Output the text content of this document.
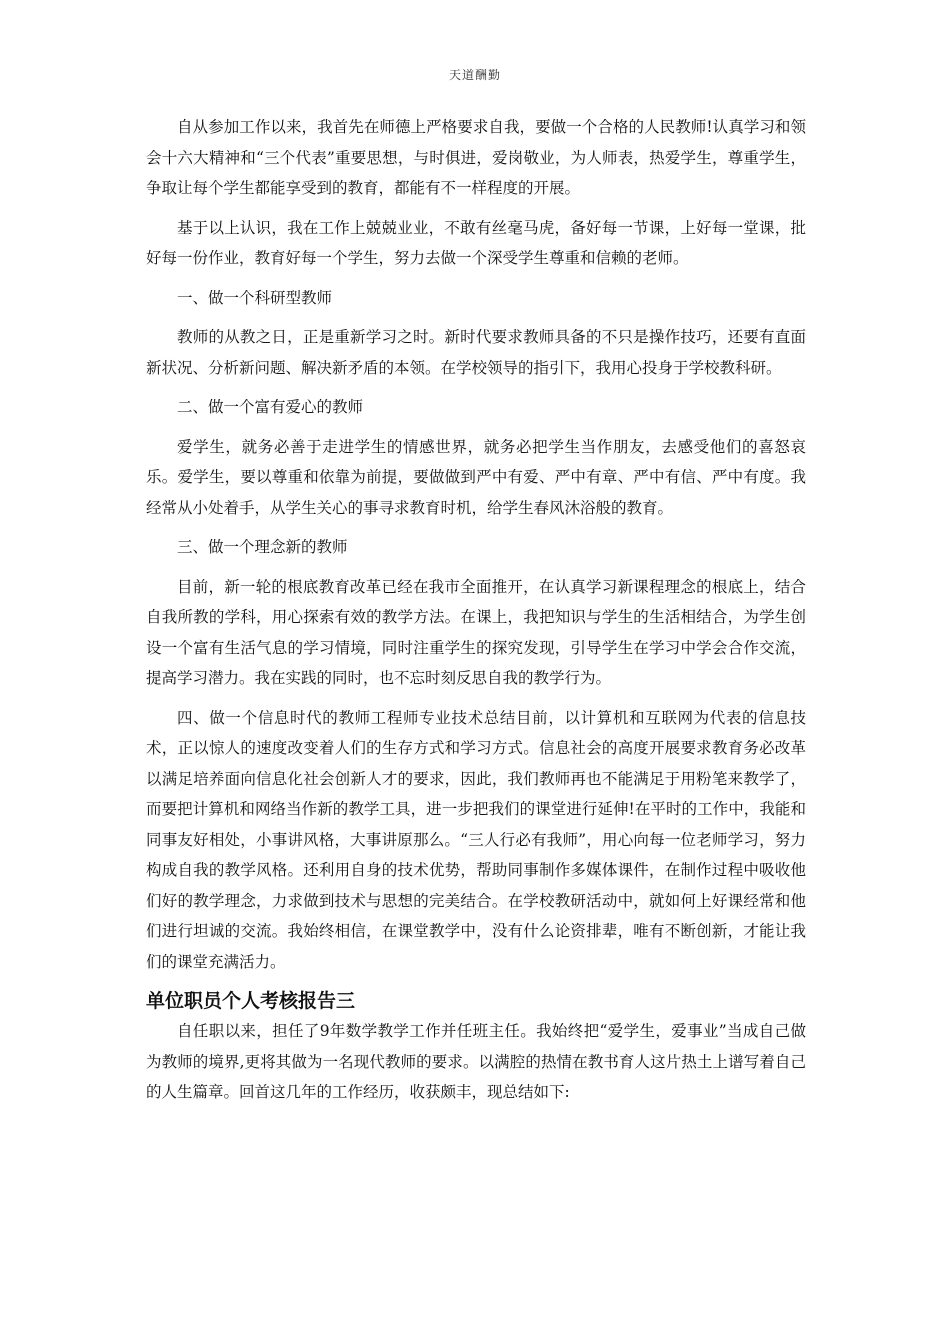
天道酬勤

自从参加工作以来，我首先在师德上严格要求自我，要做一个合格的人民教师!认真学习和领会十六大精神和“三个代表”重要思想，与时俱进，爱岗敬业，为人师表，热爱学生，尊重学生，争取让每个学生都能享受到的教育，都能有不一样程度的开展。

基于以上认识，我在工作上兢兢业业，不敢有丝毫马虎，备好每一节课，上好每一堂课，批好每一份作业，教育好每一个学生，努力去做一个深受学生尊重和信赖的老师。

一、做一个科研型教师

教师的从教之日，正是重新学习之时。新时代要求教师具备的不只是操作技巧，还要有直面新状况、分析新问题、解决新矛盾的本领。在学校领导的指引下，我用心投身于学校教科研。

二、做一个富有爱心的教师

爱学生，就务必善于走进学生的情感世界，就务必把学生当作朋友，去感受他们的喜怒哀乐。爱学生，要以尊重和依靠为前提，要做做到严中有爱、严中有章、严中有信、严中有度。我经常从小处着手，从学生关心的事寻求教育时机，给学生春风沐浴般的教育。

三、做一个理念新的教师

目前，新一轮的根底教育改革已经在我市全面推开，在认真学习新课程理念的根底上，结合自我所教的学科，用心探索有效的教学方法。在课上，我把知识与学生的生活相结合，为学生创设一个富有生活气息的学习情境，同时注重学生的探究发现，引导学生在学习中学会合作交流，提高学习潜力。我在实践的同时，也不忘时刻反思自我的教学行为。

四、做一个信息时代的教师工程师专业技术总结目前，以计算机和互联网为代表的信息技术，正以惊人的速度改变着人们的生存方式和学习方式。信息社会的高度开展要求教育务必改革以满足培养面向信息化社会创新人才的要求，因此，我们教师再也不能满足于用粉笔来教学了，而要把计算机和网络当作新的教学工具，进一步把我们的课堂进行延伸!在平时的工作中，我能和同事友好相处，小事讲风格，大事讲原那么。“三人行必有我师”，用心向每一位老师学习，努力构成自我的教学风格。还利用自身的技术优势，帮助同事制作多媒体课件，在制作过程中吸收他们好的教学理念，力求做到技术与思想的完美结合。在学校教研活动中，就如何上好课经常和他们进行坦诚的交流。我始终相信，在课堂教学中，没有什么论资排辈，唯有不断创新，才能让我们的课堂充满活力。

单位职员个人考核报告三

自任职以来，担任了9年数学教学工作并任班主任。我始终把“爱学生，爱事业”当成自己做为教师的境界,更将其做为一名现代教师的要求。以满腔的热情在教书育人这片热土上谱写着自己的人生篇章。回首这几年的工作经历，收获颇丰，现总结如下:
